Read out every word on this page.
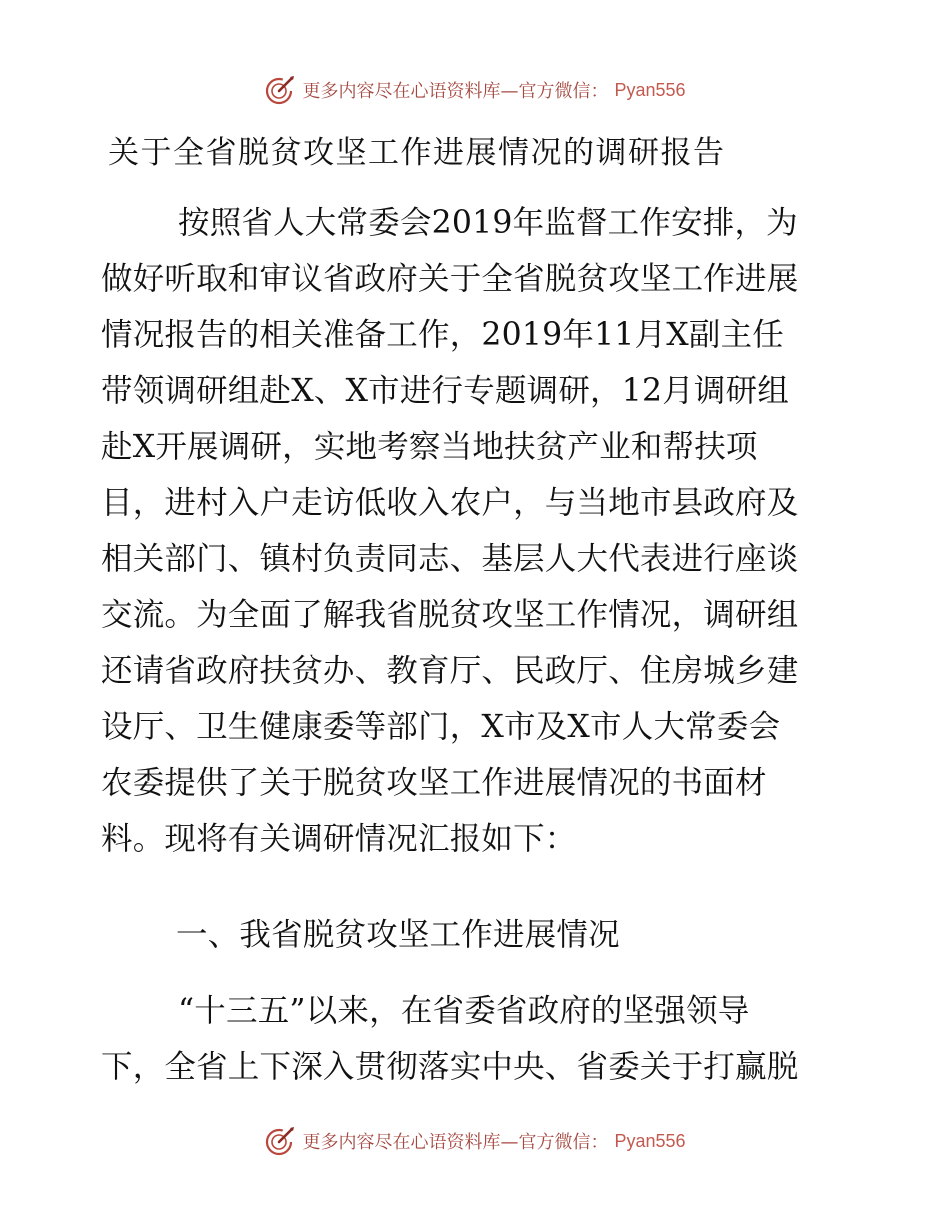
更多内容尽在心语资料库—官方微信： Pyan556
关于全省脱贫攻坚工作进展情况的调研报告
按照省人大常委会2019年监督工作安排，为
做好听取和审议省政府关于全省脱贫攻坚工作进展
情况报告的相关准备工作，2019年11月X副主任
带领调研组赴X、X市进行专题调研，12月调研组
赴X开展调研，实地考察当地扶贫产业和帮扶项
目，进村入户走访低收入农户，与当地市县政府及
相关部门、镇村负责同志、基层人大代表进行座谈
交流。为全面了解我省脱贫攻坚工作情况，调研组
还请省政府扶贫办、教育厅、民政厅、住房城乡建
设厅、卫生健康委等部门，X市及X市人大常委会
农委提供了关于脱贫攻坚工作进展情况的书面材
料。现将有关调研情况汇报如下：
一、我省脱贫攻坚工作进展情况
“十三五”以来，在省委省政府的坚强领导
下，全省上下深入贯彻落实中央、省委关于打赢脱
更多内容尽在心语资料库—官方微信： Pyan556
